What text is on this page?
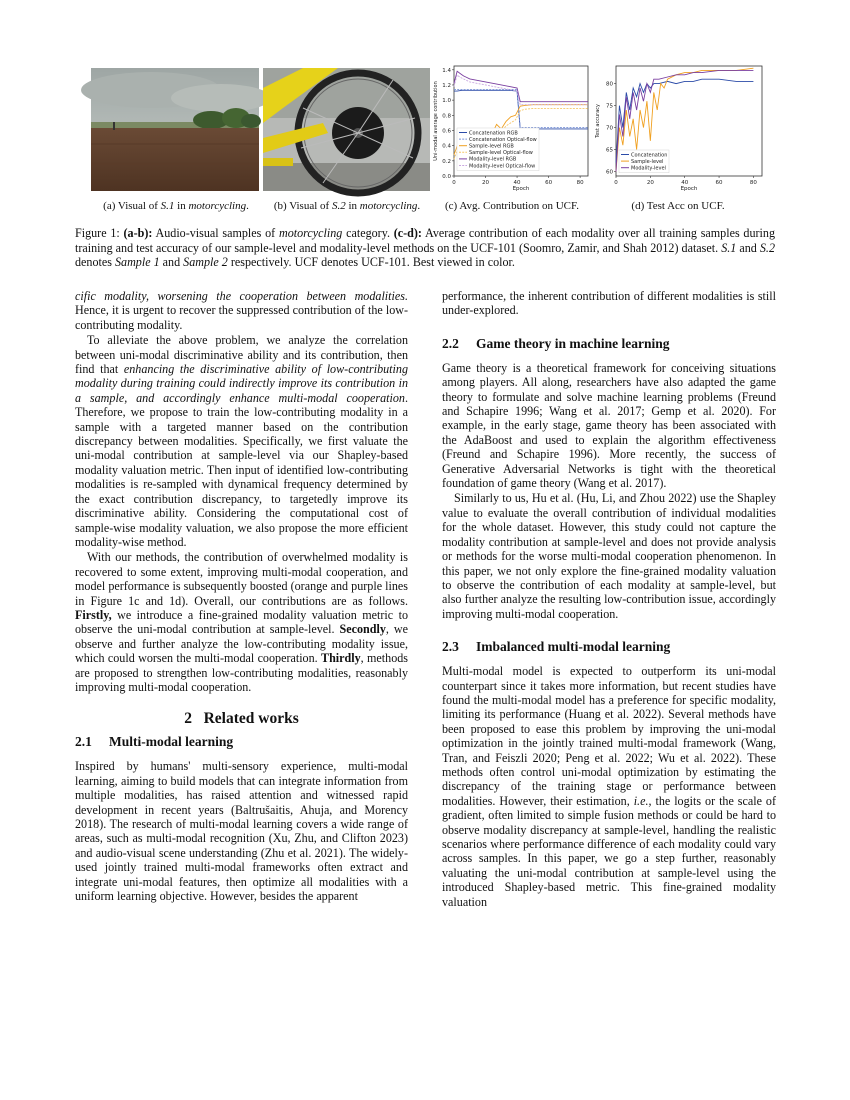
0	20	40	60	80
0.0
0.2
0.4
0.6
0.8
1.0
1.2
1.4
Epoch
Uni-modal average contribution	Concatenation RGB
Concatenation Optical-flow
Sample-level RGB
Sample-level Optical-flow
Modality-level RGB
Modality-level Optical-flow
0	20	40	60	80
60
65
70
75
80
Epoch
Test accuracy
Concatenation
Sample-level
Modality-level
(a) Visual of S.1 in motorcycling.	(b) Visual of S.2 in motorcycling.	(c) Avg. Contribution on UCF.	(d) Test Acc on UCF.

Figure 1: (a-b): Audio-visual samples of motorcycling category. (c-d): Average contribution of each modality over all training samples during training and test accuracy of our sample-level and modality-level methods on the UCF-101 (Soomro, Zamir, and Shah 2012) dataset. S.1 and S.2 denotes Sample 1 and Sample 2 respectively. UCF denotes UCF-101. Best viewed in color.

cific modality, worsening the cooperation between modalities. Hence, it is urgent to recover the suppressed contribution of the low-contributing modality.

To alleviate the above problem, we analyze the correlation between uni-modal discriminative ability and its contribution, then find that enhancing the discriminative ability of low-contributing modality during training could indirectly improve its contribution in a sample, and accordingly enhance multi-modal cooperation. Therefore, we propose to train the low-contributing modality in a sample with a targeted manner based on the contribution discrepancy between modalities. Specifically, we first valuate the uni-modal contribution at sample-level via our Shapley-based modality valuation metric. Then input of identified low-contributing modalities is re-sampled with dynamical frequency determined by the exact contribution discrepancy, to targetedly improve its discriminative ability. Considering the computational cost of sample-wise modality valuation, we also propose the more efficient modality-wise method.

With our methods, the contribution of overwhelmed modality is recovered to some extent, improving multi-modal cooperation, and model performance is subsequently boosted (orange and purple lines in Figure 1c and 1d). Overall, our contributions are as follows. Firstly, we introduce a fine-grained modality valuation metric to observe the uni-modal contribution at sample-level. Secondly, we observe and further analyze the low-contributing modality issue, which could worsen the multi-modal cooperation. Thirdly, methods are proposed to strengthen low-contributing modalities, reasonably improving multi-modal cooperation.

2 Related works

2.1 Multi-modal learning

Inspired by humans' multi-sensory experience, multi-modal learning, aiming to build models that can integrate information from multiple modalities, has raised attention and witnessed rapid development in recent years (Baltrušaitis, Ahuja, and Morency 2018). The research of multi-modal learning covers a wide range of areas, such as multi-modal recognition (Xu, Zhu, and Clifton 2023) and audio-visual scene understanding (Zhu et al. 2021). The widely-used jointly trained multi-modal frameworks often extract and integrate uni-modal features, then optimize all modalities with a uniform learning objective. However, besides the apparent

performance, the inherent contribution of different modalities is still under-explored.

2.2 Game theory in machine learning

Game theory is a theoretical framework for conceiving situations among players. All along, researchers have also adapted the game theory to formulate and solve machine learning problems (Freund and Schapire 1996; Wang et al. 2017; Gemp et al. 2020). For example, in the early stage, game theory has been associated with the AdaBoost and used to explain the algorithm effectiveness (Freund and Schapire 1996). More recently, the success of Generative Adversarial Networks is tight with the theoretical foundation of game theory (Wang et al. 2017).

Similarly to us, Hu et al. (Hu, Li, and Zhou 2022) use the Shapley value to evaluate the overall contribution of individual modalities for the whole dataset. However, this study could not capture the modality contribution at sample-level and does not provide analysis or methods for the worse multi-modal cooperation phenomenon. In this paper, we not only explore the fine-grained modality valuation to observe the contribution of each modality at sample-level, but also further analyze the resulting low-contribution issue, accordingly improving multi-modal cooperation.

2.3 Imbalanced multi-modal learning

Multi-modal model is expected to outperform its uni-modal counterpart since it takes more information, but recent studies have found the multi-modal model has a preference for specific modality, limiting its performance (Huang et al. 2022). Several methods have been proposed to ease this problem by improving the uni-modal optimization in the jointly trained multi-modal framework (Wang, Tran, and Feiszli 2020; Peng et al. 2022; Wu et al. 2022). These methods often control uni-modal optimization by estimating the discrepancy of the training stage or performance between modalities. However, their estimation, i.e., the logits or the scale of gradient, often limited to simple fusion methods or could be hard to observe modality discrepancy at sample-level, handling the realistic scenarios where performance difference of each modality could vary across samples. In this paper, we go a step further, reasonably valuating the uni-modal contribution at sample-level using the introduced Shapley-based metric. This fine-grained modality valuation
